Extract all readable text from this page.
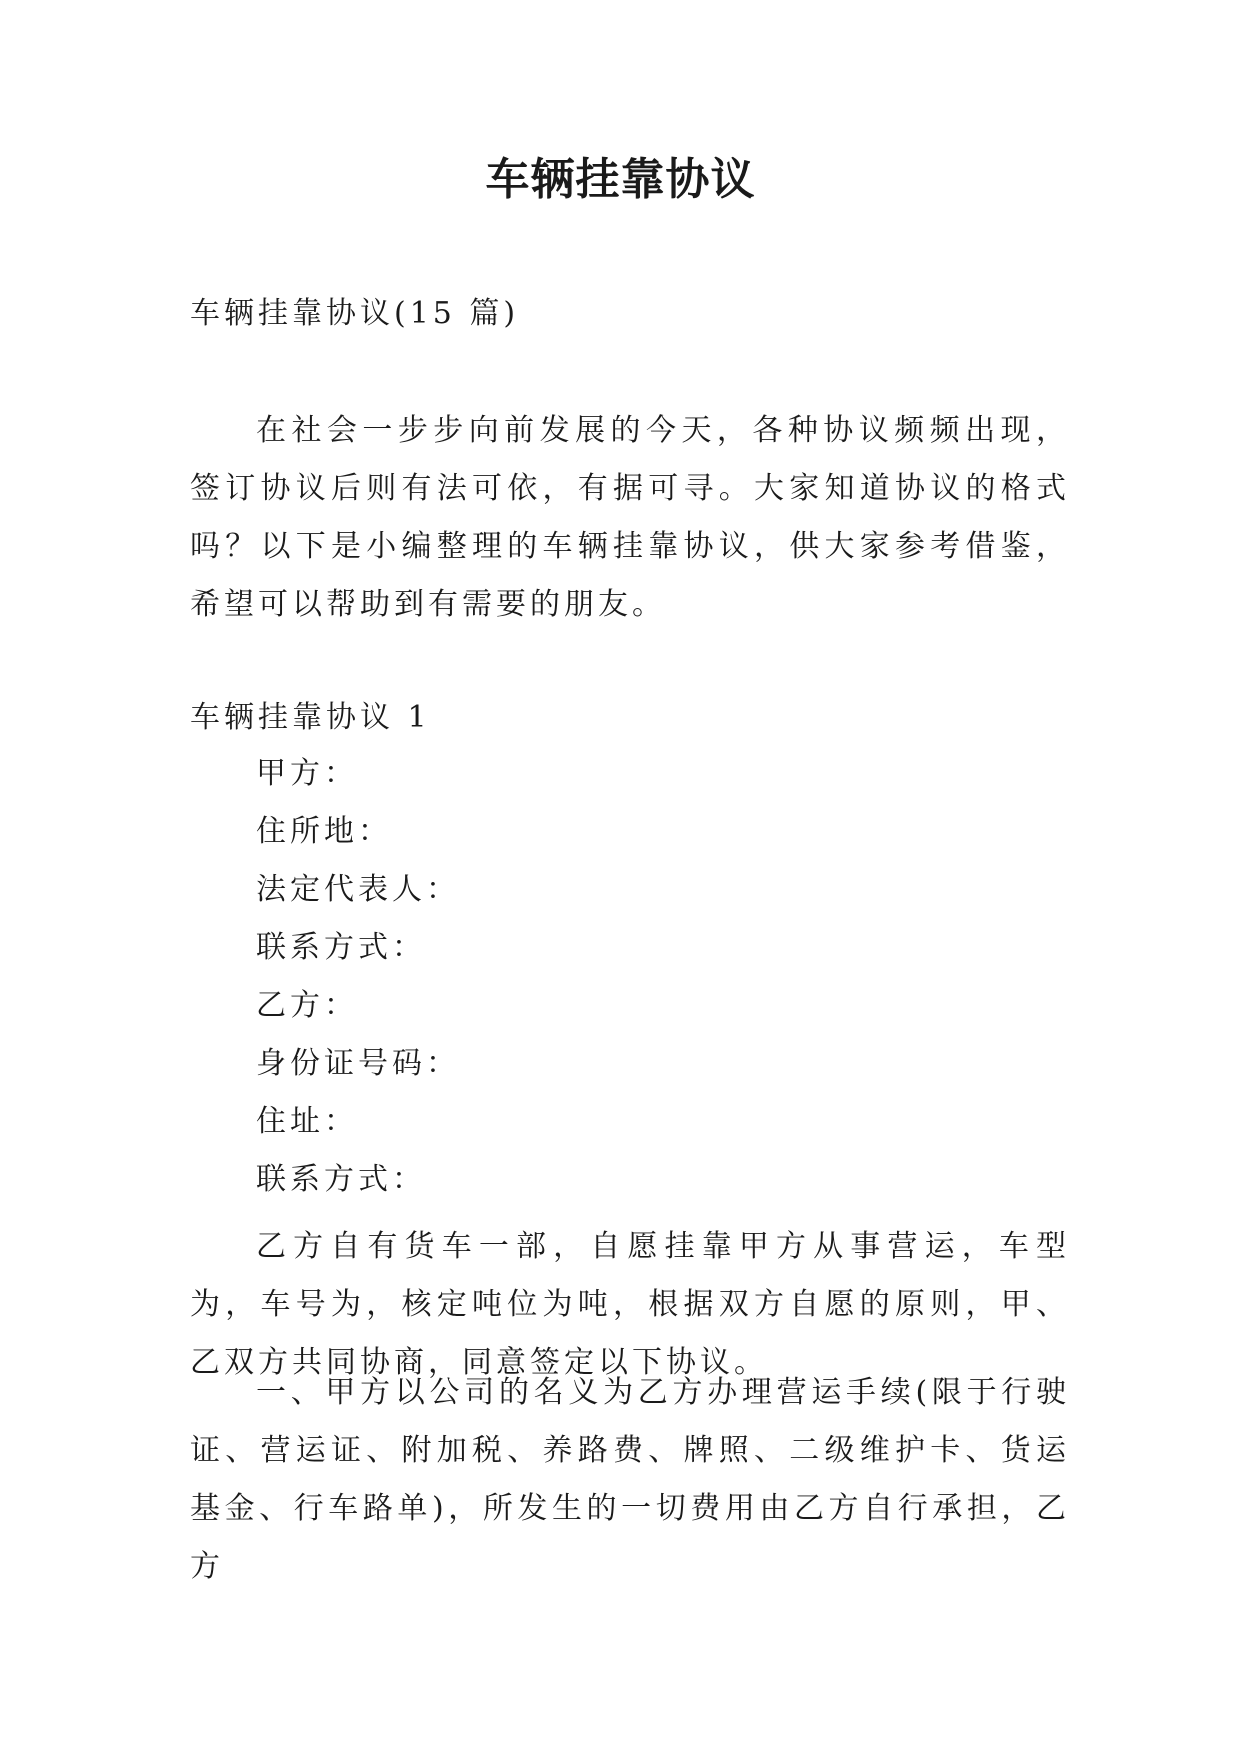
车辆挂靠协议
车辆挂靠协议(15 篇)
在社会一步步向前发展的今天，各种协议频频出现，签订协议后则有法可依，有据可寻。大家知道协议的格式吗？以下是小编整理的车辆挂靠协议，供大家参考借鉴，希望可以帮助到有需要的朋友。
车辆挂靠协议 1
甲方：
住所地：
法定代表人：
联系方式：
乙方：
身份证号码：
住址：
联系方式：
乙方自有货车一部，自愿挂靠甲方从事营运，车型为，车号为，核定吨位为吨，根据双方自愿的原则，甲、乙双方共同协商，同意签定以下协议。
一、甲方以公司的名义为乙方办理营运手续(限于行驶证、营运证、附加税、养路费、牌照、二级维护卡、货运基金、行车路单)，所发生的一切费用由乙方自行承担，乙方
